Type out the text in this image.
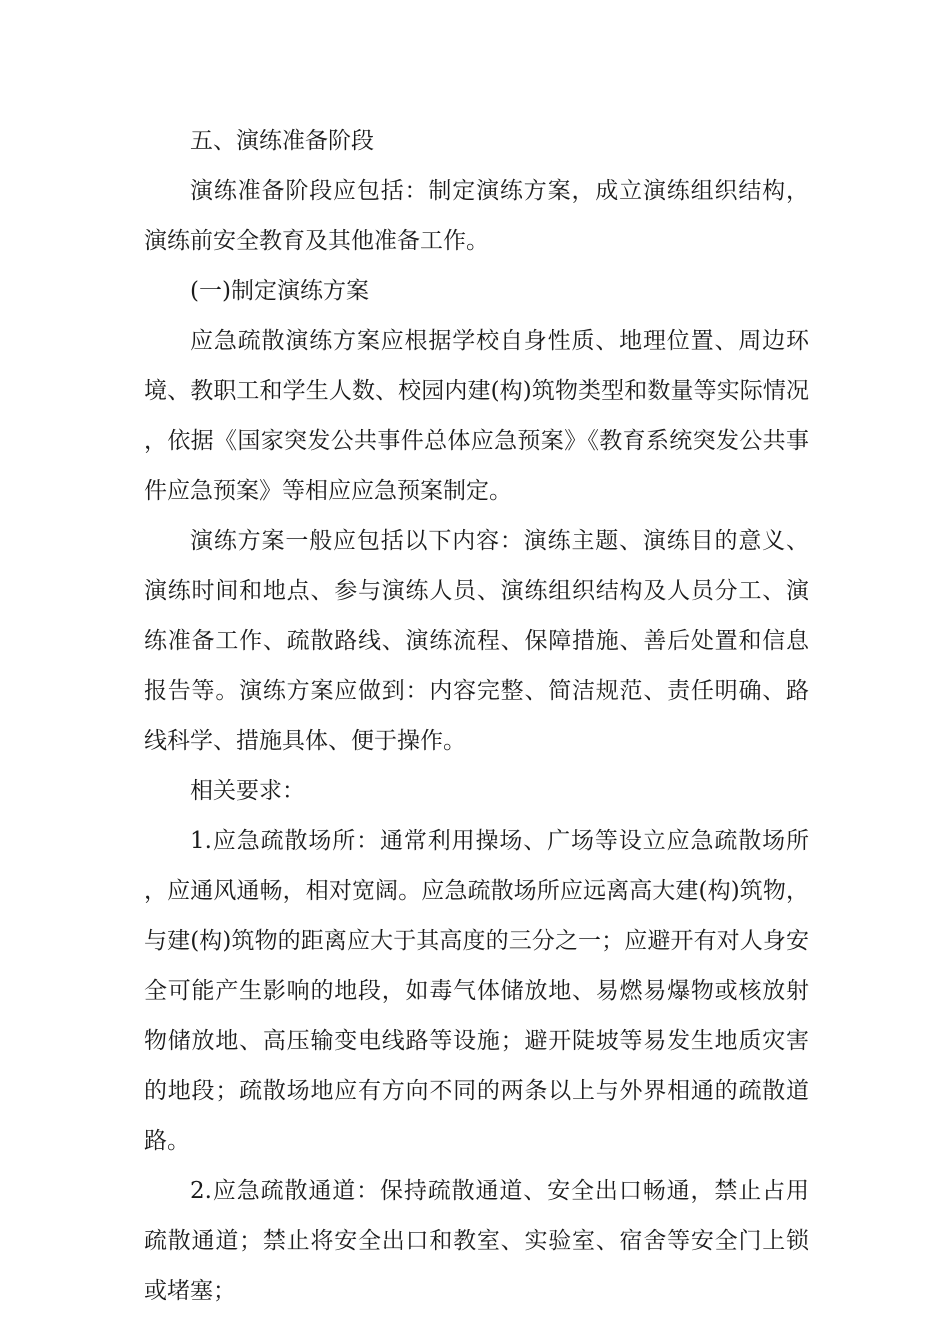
五、演练准备阶段

演练准备阶段应包括：制定演练方案，成立演练组织结构，演练前安全教育及其他准备工作。

(一)制定演练方案

应急疏散演练方案应根据学校自身性质、地理位置、周边环境、教职工和学生人数、校园内建(构)筑物类型和数量等实际情况，依据《国家突发公共事件总体应急预案》《教育系统突发公共事件应急预案》等相应应急预案制定。

演练方案一般应包括以下内容：演练主题、演练目的意义、演练时间和地点、参与演练人员、演练组织结构及人员分工、演练准备工作、疏散路线、演练流程、保障措施、善后处置和信息报告等。演练方案应做到：内容完整、简洁规范、责任明确、路线科学、措施具体、便于操作。

相关要求：

1.应急疏散场所：通常利用操场、广场等设立应急疏散场所，应通风通畅，相对宽阔。应急疏散场所应远离高大建(构)筑物，与建(构)筑物的距离应大于其高度的三分之一；应避开有对人身安全可能产生影响的地段，如毒气体储放地、易燃易爆物或核放射物储放地、高压输变电线路等设施；避开陡坡等易发生地质灾害的地段；疏散场地应有方向不同的两条以上与外界相通的疏散道路。

2.应急疏散通道：保持疏散通道、安全出口畅通，禁止占用疏散通道；禁止将安全出口和教室、实验室、宿舍等安全门上锁或堵塞；
